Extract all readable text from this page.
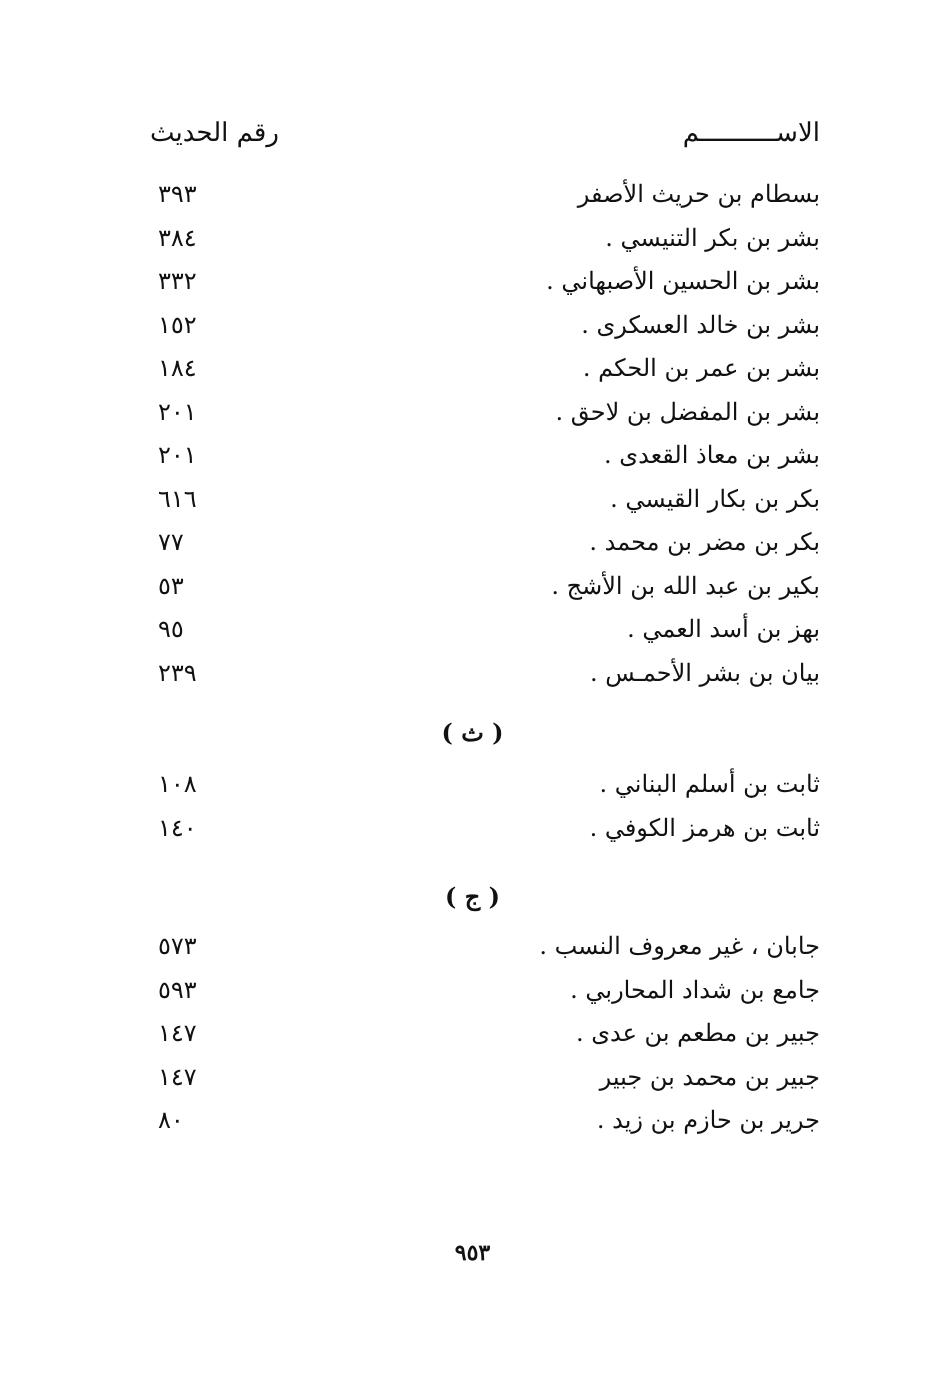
الاســــــــــم
رقم الحديث
بسطام بن حريث الأصفر
٣٩٣
بشر بن بكر التنيسي .
٣٨٤
بشر بن الحسين الأصبهاني .
٣٣٢
بشر بن خالد العسكرى .
١٥٢
بشر بن عمر بن الحكم .
١٨٤
بشر بن المفضل بن لاحق .
٢٠١
بشر بن معاذ القعدى .
٢٠١
بكر بن بكار القيسي .
٦١٦
بكر بن مضر بن محمد .
٧٧
بكير بن عبد الله بن الأشج .
٥٣
بهز بن أسد العمي .
٩٥
بيان بن بشر الأحمـس .
٢٣٩
( ث )
ثابت بن أسلم البناني .
١٠٨
ثابت بن هرمز الكوفي .
١٤٠
( ج )
جابان ، غير معروف النسب .
٥٧٣
جامع بن شداد المحاربي .
٥٩٣
جبير بن مطعم بن عدى .
١٤٧
جبير بن محمد بن جبير
١٤٧
جرير بن حازم بن زيد .
٨٠
٩٥٣
